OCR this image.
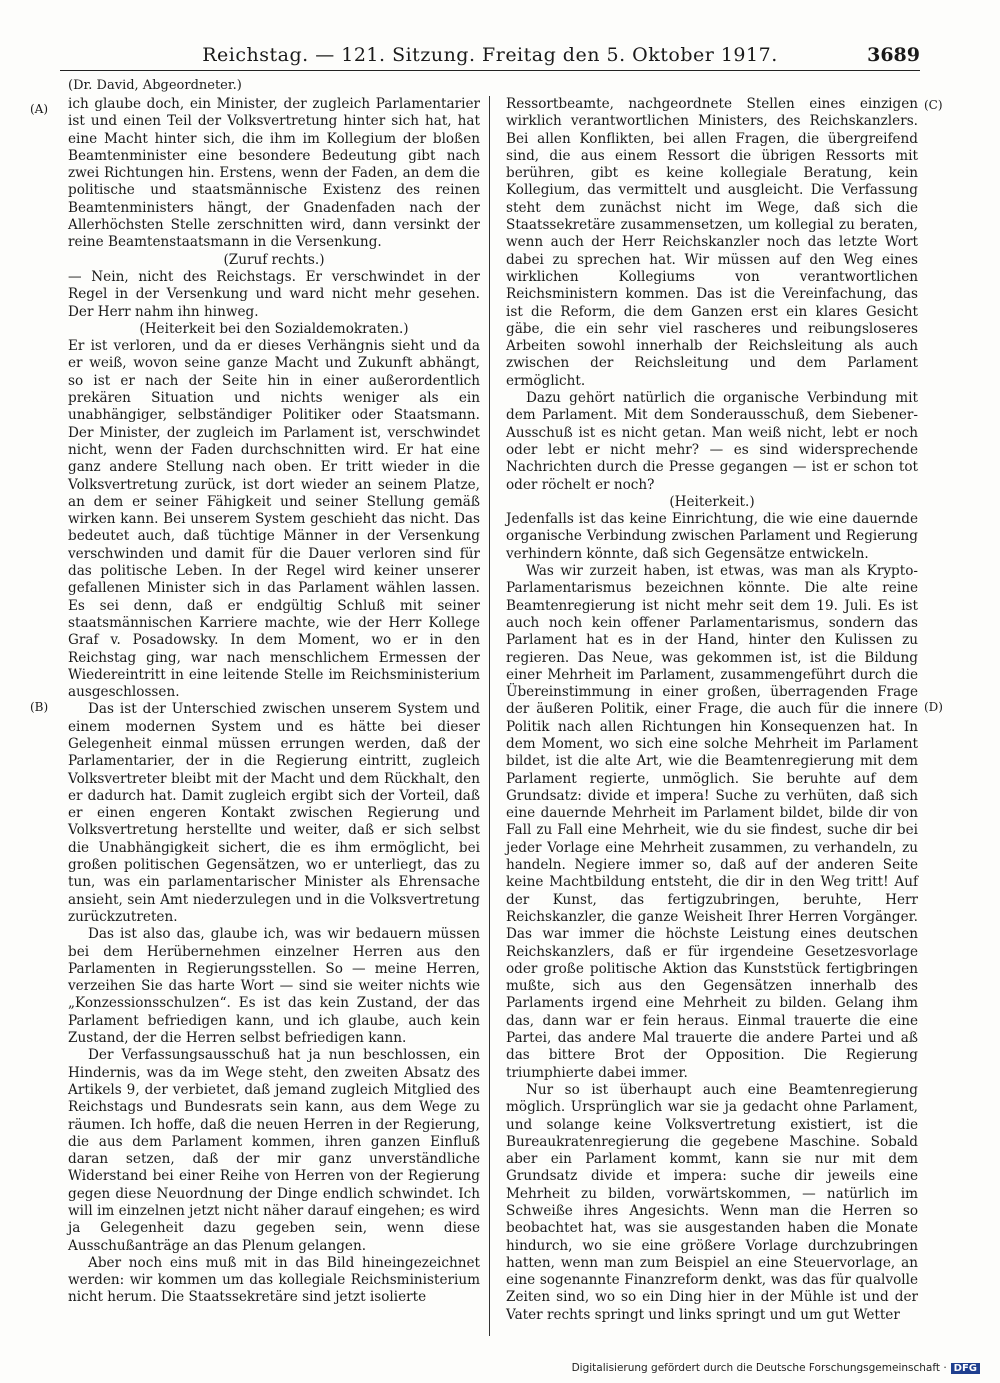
Reichstag. — 121. Sitzung. Freitag den 5. Oktober 1917.	3689
(Dr. David, Abgeordneter.)
(A)
(B)
(C)
(D)

ich glaube doch, ein Minister, der zugleich Parlamentarier ist und einen Teil der Volksvertretung hinter sich hat, hat eine Macht hinter sich, die ihm im Kollegium der bloßen Beamtenminister eine besondere Bedeutung gibt nach zwei Richtungen hin. Erstens, wenn der Faden, an dem die politische und staatsmännische Existenz des reinen Beamtenministers hängt, der Gnadenfaden nach der Allerhöchsten Stelle zerschnitten wird, dann versinkt der reine Beamtenstaatsmann in die Versenkung.

(Zuruf rechts.)

— Nein, nicht des Reichstags. Er verschwindet in der Regel in der Versenkung und ward nicht mehr gesehen. Der Herr nahm ihn hinweg.

(Heiterkeit bei den Sozialdemokraten.)

Er ist verloren, und da er dieses Verhängnis sieht und da er weiß, wovon seine ganze Macht und Zukunft abhängt, so ist er nach der Seite hin in einer außerordentlich prekären Situation und nichts weniger als ein unabhängiger, selbständiger Politiker oder Staatsmann. Der Minister, der zugleich im Parlament ist, verschwindet nicht, wenn der Faden durchschnitten wird. Er hat eine ganz andere Stellung nach oben. Er tritt wieder in die Volksvertretung zurück, ist dort wieder an seinem Platze, an dem er seiner Fähigkeit und seiner Stellung gemäß wirken kann. Bei unserem System geschieht das nicht. Das bedeutet auch, daß tüchtige Männer in der Versenkung verschwinden und damit für die Dauer verloren sind für das politische Leben. In der Regel wird keiner unserer gefallenen Minister sich in das Parlament wählen lassen. Es sei denn, daß er endgültig Schluß mit seiner staatsmännischen Karriere machte, wie der Herr Kollege Graf v. Posadowsky. In dem Moment, wo er in den Reichstag ging, war nach menschlichem Ermessen der Wiedereintritt in eine leitende Stelle im Reichsministerium ausgeschlossen.

Das ist der Unterschied zwischen unserem System und einem modernen System und es hätte bei dieser Gelegenheit einmal müssen errungen werden, daß der Parlamentarier, der in die Regierung eintritt, zugleich Volksvertreter bleibt mit der Macht und dem Rückhalt, den er dadurch hat. Damit zugleich ergibt sich der Vorteil, daß er einen engeren Kontakt zwischen Regierung und Volksvertretung herstellte und weiter, daß er sich selbst die Unabhängigkeit sichert, die es ihm ermöglicht, bei großen politischen Gegensätzen, wo er unterliegt, das zu tun, was ein parlamentarischer Minister als Ehrensache ansieht, sein Amt niederzulegen und in die Volksvertretung zurückzutreten.

Das ist also das, glaube ich, was wir bedauern müssen bei dem Herübernehmen einzelner Herren aus den Parlamenten in Regierungsstellen. So — meine Herren, verzeihen Sie das harte Wort — sind sie weiter nichts wie „Konzessionsschulzen“. Es ist das kein Zustand, der das Parlament befriedigen kann, und ich glaube, auch kein Zustand, der die Herren selbst befriedigen kann.

Der Verfassungsausschuß hat ja nun beschlossen, ein Hindernis, was da im Wege steht, den zweiten Absatz des Artikels 9, der verbietet, daß jemand zugleich Mitglied des Reichstags und Bundesrats sein kann, aus dem Wege zu räumen. Ich hoffe, daß die neuen Herren in der Regierung, die aus dem Parlament kommen, ihren ganzen Einfluß daran setzen, daß der mir ganz unverständliche Widerstand bei einer Reihe von Herren von der Regierung gegen diese Neuordnung der Dinge endlich schwindet. Ich will im einzelnen jetzt nicht näher darauf eingehen; es wird ja Gelegenheit dazu gegeben sein, wenn diese Ausschußanträge an das Plenum gelangen.

Aber noch eins muß mit in das Bild hineingezeichnet werden: wir kommen um das kollegiale Reichsministerium nicht herum. Die Staatssekretäre sind jetzt isolierte

Ressortbeamte, nachgeordnete Stellen eines einzigen wirklich verantwortlichen Ministers, des Reichskanzlers. Bei allen Konflikten, bei allen Fragen, die übergreifend sind, die aus einem Ressort die übrigen Ressorts mit berühren, gibt es keine kollegiale Beratung, kein Kollegium, das vermittelt und ausgleicht. Die Verfassung steht dem zunächst nicht im Wege, daß sich die Staatssekretäre zusammensetzen, um kollegial zu beraten, wenn auch der Herr Reichskanzler noch das letzte Wort dabei zu sprechen hat. Wir müssen auf den Weg eines wirklichen Kollegiums von verantwortlichen Reichsministern kommen. Das ist die Vereinfachung, das ist die Reform, die dem Ganzen erst ein klares Gesicht gäbe, die ein sehr viel rascheres und reibungsloseres Arbeiten sowohl innerhalb der Reichsleitung als auch zwischen der Reichsleitung und dem Parlament ermöglicht.

Dazu gehört natürlich die organische Verbindung mit dem Parlament. Mit dem Sonderausschuß, dem Siebener-Ausschuß ist es nicht getan. Man weiß nicht, lebt er noch oder lebt er nicht mehr? — es sind widersprechende Nachrichten durch die Presse gegangen — ist er schon tot oder röchelt er noch?

(Heiterkeit.)

Jedenfalls ist das keine Einrichtung, die wie eine dauernde organische Verbindung zwischen Parlament und Regierung verhindern könnte, daß sich Gegensätze entwickeln.

Was wir zurzeit haben, ist etwas, was man als Krypto-Parlamentarismus bezeichnen könnte. Die alte reine Beamtenregierung ist nicht mehr seit dem 19. Juli. Es ist auch noch kein offener Parlamentarismus, sondern das Parlament hat es in der Hand, hinter den Kulissen zu regieren. Das Neue, was gekommen ist, ist die Bildung einer Mehrheit im Parlament, zusammengeführt durch die Übereinstimmung in einer großen, überragenden Frage der äußeren Politik, einer Frage, die auch für die innere Politik nach allen Richtungen hin Konsequenzen hat. In dem Moment, wo sich eine solche Mehrheit im Parlament bildet, ist die alte Art, wie die Beamtenregierung mit dem Parlament regierte, unmöglich. Sie beruhte auf dem Grundsatz: divide et impera! Suche zu verhüten, daß sich eine dauernde Mehrheit im Parlament bildet, bilde dir von Fall zu Fall eine Mehrheit, wie du sie findest, suche dir bei jeder Vorlage eine Mehrheit zusammen, zu verhandeln, zu handeln. Negiere immer so, daß auf der anderen Seite keine Machtbildung entsteht, die dir in den Weg tritt! Auf der Kunst, das fertigzubringen, beruhte, Herr Reichskanzler, die ganze Weisheit Ihrer Herren Vorgänger. Das war immer die höchste Leistung eines deutschen Reichskanzlers, daß er für irgendeine Gesetzesvorlage oder große politische Aktion das Kunststück fertigbringen mußte, sich aus den Gegensätzen innerhalb des Parlaments irgend eine Mehrheit zu bilden. Gelang ihm das, dann war er fein heraus. Einmal trauerte die eine Partei, das andere Mal trauerte die andere Partei und aß das bittere Brot der Opposition. Die Regierung triumphierte dabei immer.

Nur so ist überhaupt auch eine Beamtenregierung möglich. Ursprünglich war sie ja gedacht ohne Parlament, und solange keine Volksvertretung existiert, ist die Bureaukratenregierung die gegebene Maschine. Sobald aber ein Parlament kommt, kann sie nur mit dem Grundsatz divide et impera: suche dir jeweils eine Mehrheit zu bilden, vorwärtskommen, — natürlich im Schweiße ihres Angesichts. Wenn man die Herren so beobachtet hat, was sie ausgestanden haben die Monate hindurch, wo sie eine größere Vorlage durchzubringen hatten, wenn man zum Beispiel an eine Steuervorlage, an eine sogenannte Finanzreform denkt, was das für qualvolle Zeiten sind, wo so ein Ding hier in der Mühle ist und der Vater rechts springt und links springt und um gut Wetter

Digitalisierung gefördert durch die Deutsche Forschungsgemeinschaft · DFG
